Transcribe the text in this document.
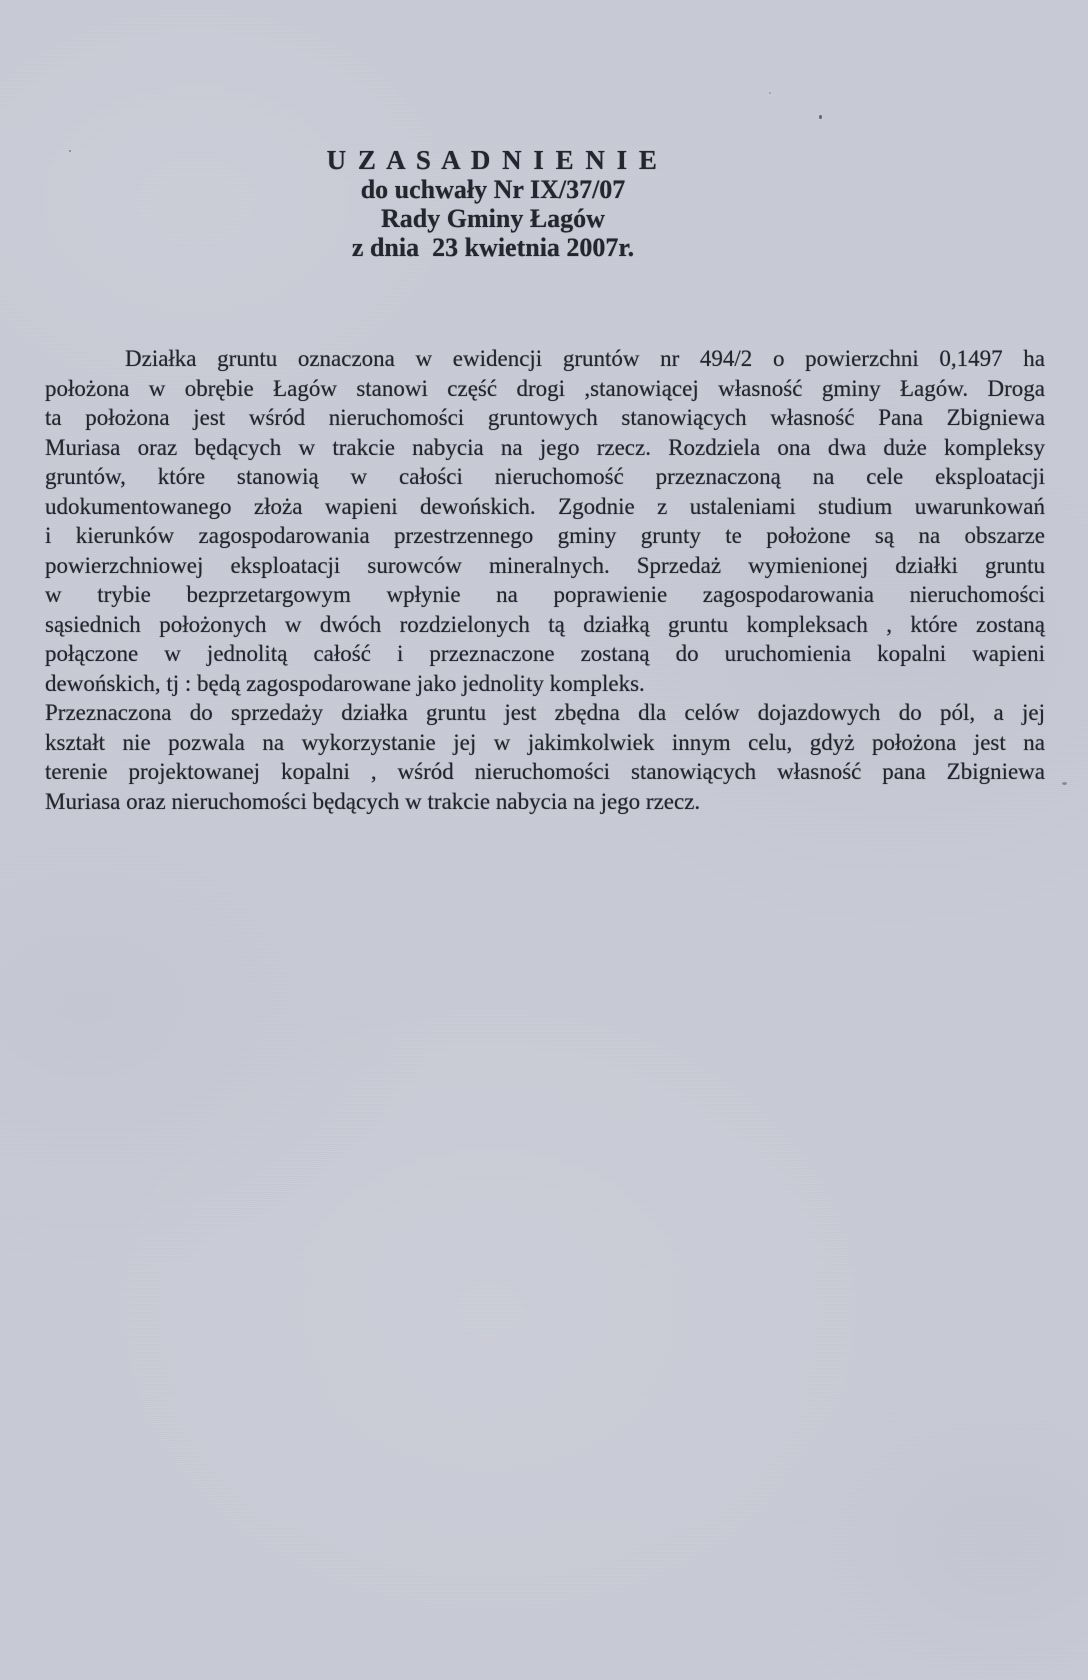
U Z A S A D N I E N I E
do uchwały Nr IX/37/07
Rady Gminy Łagów
z dnia  23 kwietnia 2007r.
Działka gruntu oznaczona w ewidencji gruntów nr 494/2 o powierzchni 0,1497 ha
położona w obrębie Łagów stanowi część drogi ,stanowiącej własność gminy Łagów. Droga
ta położona jest wśród nieruchomości gruntowych stanowiących własność Pana Zbigniewa
Muriasa oraz będących w trakcie nabycia na jego rzecz. Rozdziela ona dwa duże kompleksy
gruntów, które stanowią w całości nieruchomość przeznaczoną na cele eksploatacji
udokumentowanego złoża wapieni dewońskich. Zgodnie z ustaleniami studium uwarunkowań
i kierunków zagospodarowania przestrzennego gminy grunty te położone są na obszarze
powierzchniowej eksploatacji surowców mineralnych. Sprzedaż wymienionej działki gruntu
w trybie bezprzetargowym wpłynie na poprawienie zagospodarowania nieruchomości
sąsiednich położonych w dwóch rozdzielonych tą działką gruntu kompleksach , które zostaną
połączone w jednolitą całość i przeznaczone zostaną do uruchomienia kopalni wapieni
dewońskich, tj : będą zagospodarowane jako jednolity kompleks.
Przeznaczona do sprzedaży działka gruntu jest zbędna dla celów dojazdowych do pól, a jej
kształt nie pozwala na wykorzystanie jej w jakimkolwiek innym celu, gdyż położona jest na
terenie projektowanej kopalni , wśród nieruchomości stanowiących własność pana Zbigniewa
Muriasa oraz nieruchomości będących w trakcie nabycia na jego rzecz.
